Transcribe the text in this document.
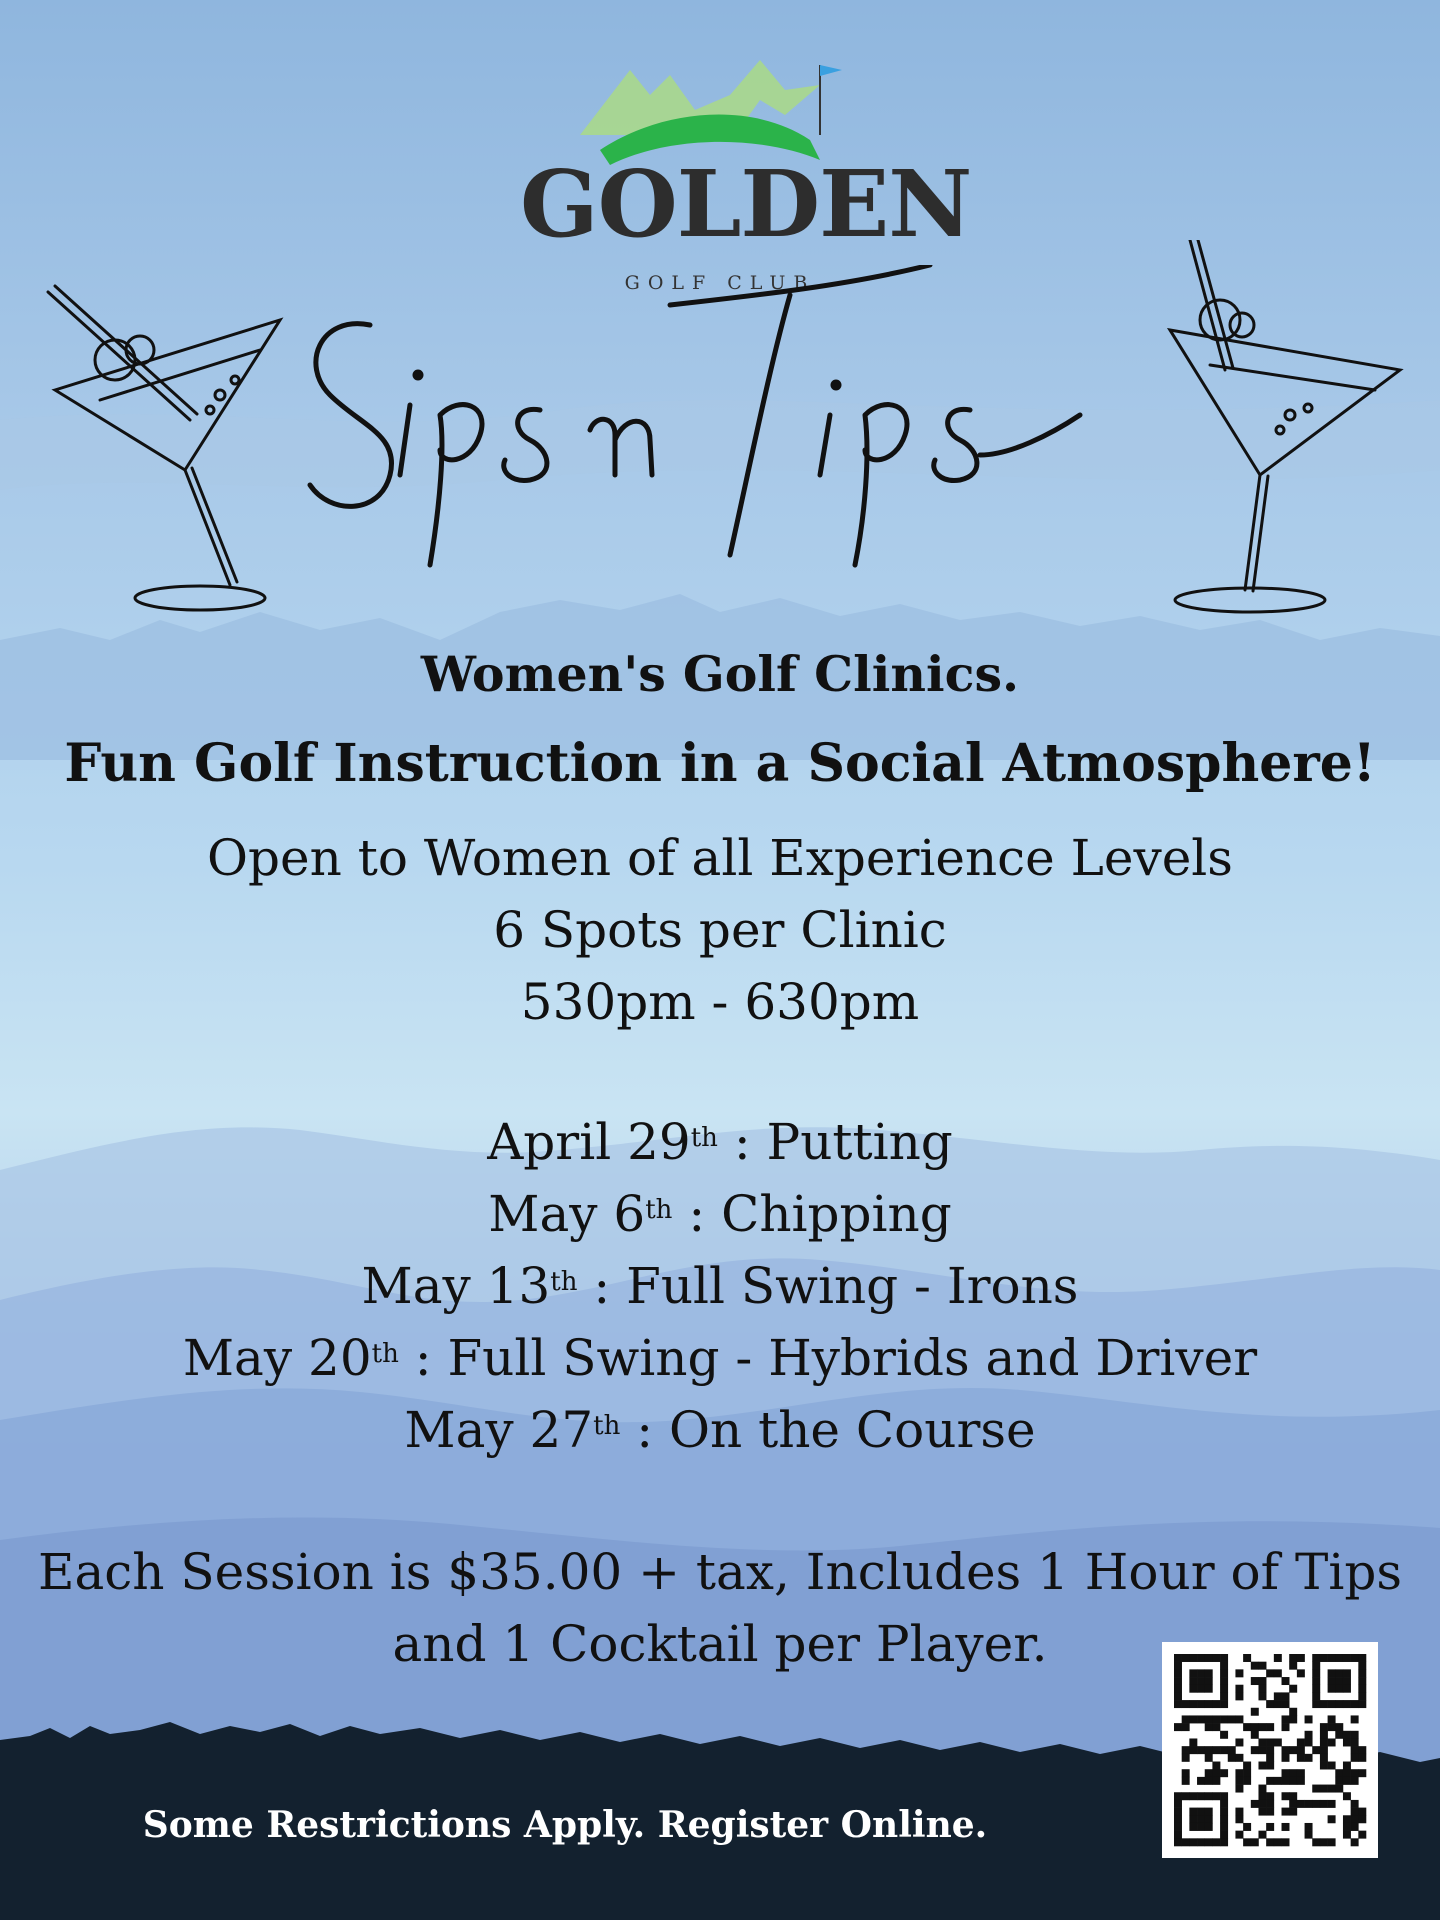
GOLDEN
GOLF CLUB

Women's Golf Clinics.

Fun Golf Instruction in a Social Atmosphere!

Open to Women of all Experience Levels
6 Spots per Clinic
530pm - 630pm
April 29th : Putting
May 6th : Chipping
May 13th : Full Swing - Irons
May 20th : Full Swing - Hybrids and Driver
May 27th : On the Course
Each Session is $35.00 + tax, Includes 1 Hour of Tips
and 1 Cocktail per Player.
Some Restrictions Apply. Register Online.
